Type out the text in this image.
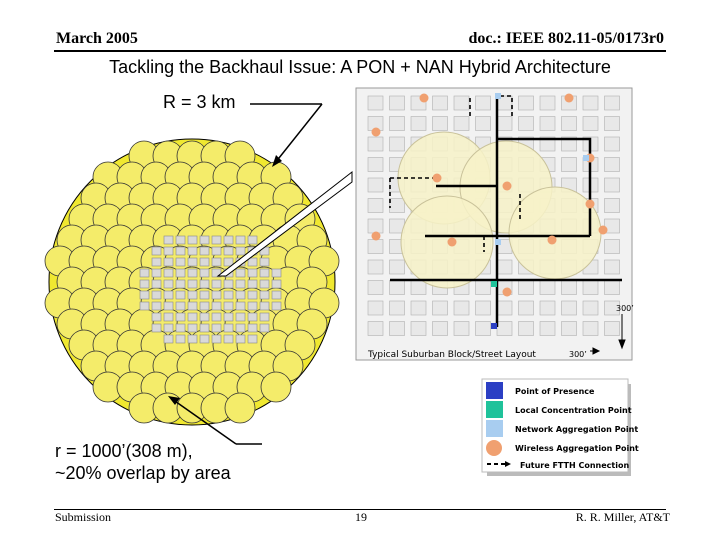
March 2005	doc.: IEEE 802.11-05/0173r0
Tackling the Backhaul Issue: A PON + NAN Hybrid Architecture
Typical Suburban Block/Street Layout
300’
300’
Point of Presence
Local Concentration Point
Network Aggregation Point
Wireless Aggregation Point
Future FTTH Connection
R = 3 km
r = 1000’(308 m),
~20% overlap by area
Submission	19	R. R. Miller, AT&T
